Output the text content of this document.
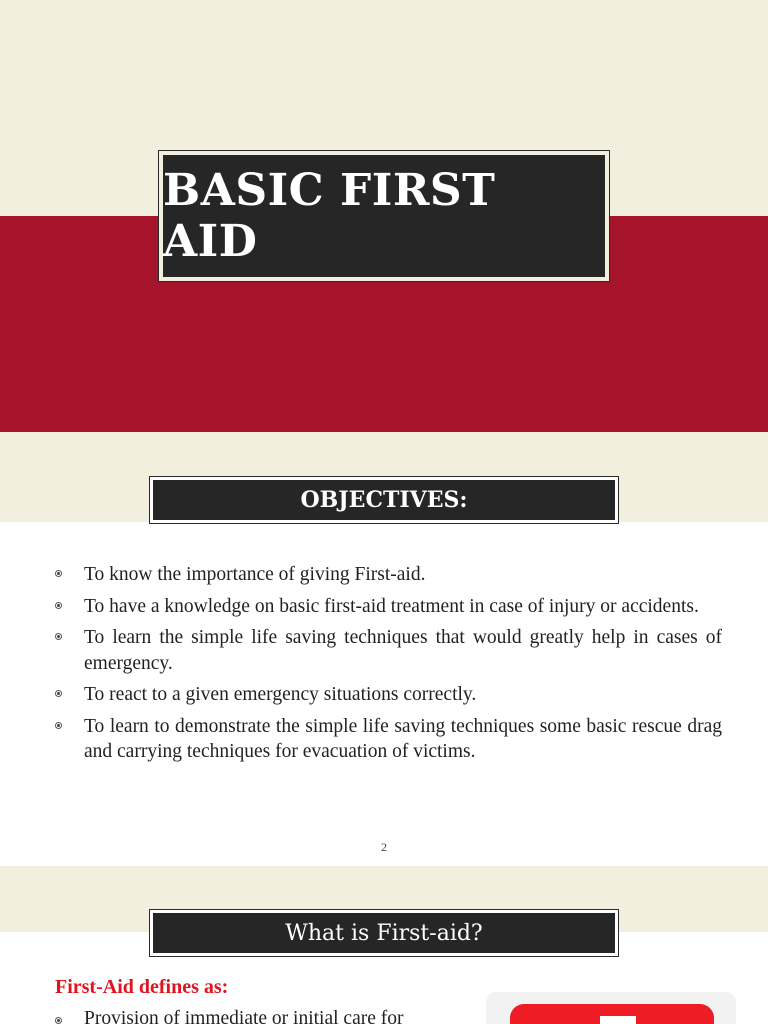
BASIC FIRST AID
OBJECTIVES:
To know the importance of giving First-aid.
To have a knowledge on basic first-aid treatment in case of injury or accidents.
To learn the simple life saving techniques that would greatly help in cases of emergency.
To react to a given emergency situations correctly.
To learn to demonstrate the simple life saving techniques some basic rescue drag and carrying techniques for evacuation of victims.
2
What is First-aid?
First-Aid defines as:
Provision of immediate or initial care for
